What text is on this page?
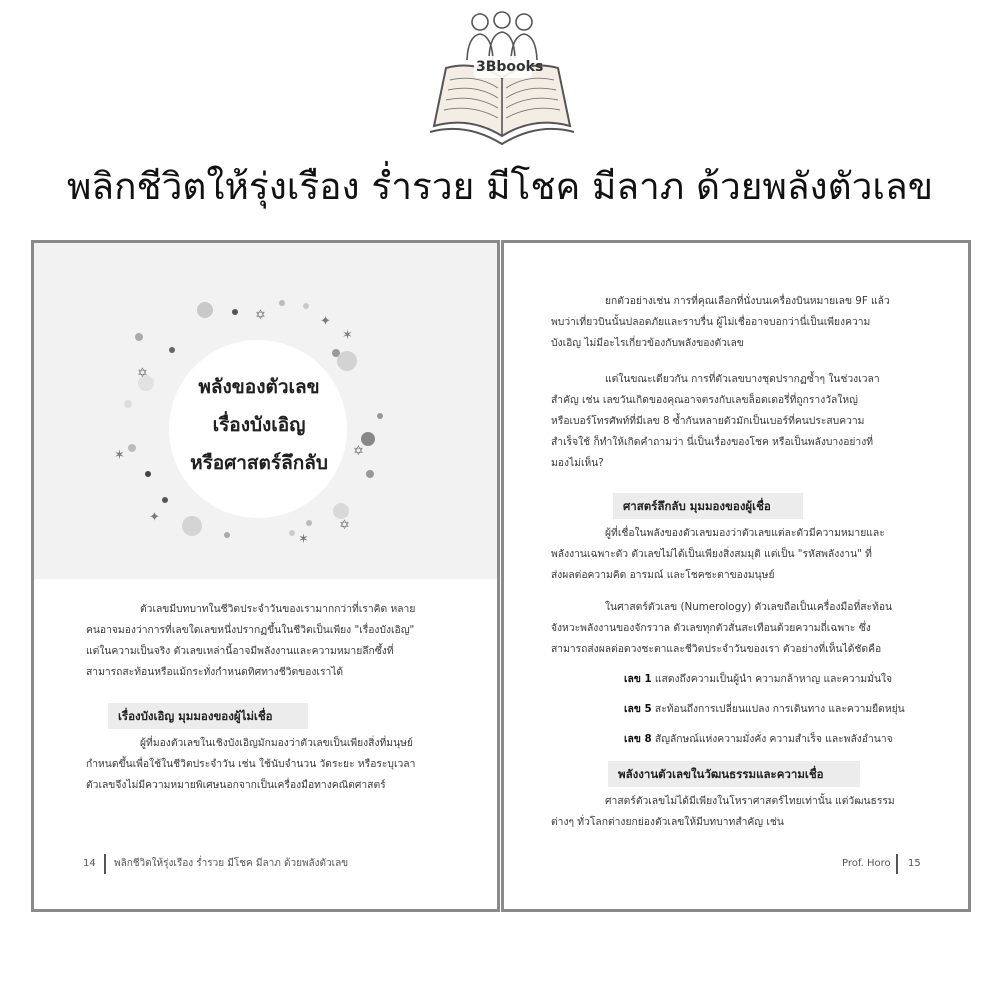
3Bbooks
พลิกชีวิตให้รุ่งเรือง ร่ำรวย มีโชค มีลาภ ด้วยพลังตัวเลข
✡	✦
✶
✡
✶	✡
✦
✡
✶
พลังของตัวเลข
เรื่องบังเอิญ
หรือศาสตร์ลึกลับ
ตัวเลขมีบทบาทในชีวิตประจำวันของเรามากกว่าที่เราคิด หลาย
คนอาจมองว่าการที่เลขใดเลขหนึ่งปรากฏขึ้นในชีวิตเป็นเพียง "เรื่องบังเอิญ"
แต่ในความเป็นจริง ตัวเลขเหล่านี้อาจมีพลังงานและความหมายลึกซึ้งที่
สามารถสะท้อนหรือแม้กระทั่งกำหนดทิศทางชีวิตของเราได้
เรื่องบังเอิญ มุมมองของผู้ไม่เชื่อ
ผู้ที่มองตัวเลขในเชิงบังเอิญมักมองว่าตัวเลขเป็นเพียงสิ่งที่มนุษย์
กำหนดขึ้นเพื่อใช้ในชีวิตประจำวัน เช่น ใช้นับจำนวน วัดระยะ หรือระบุเวลา
ตัวเลขจึงไม่มีความหมายพิเศษนอกจากเป็นเครื่องมือทางคณิตศาสตร์
14 พลิกชีวิตให้รุ่งเรือง ร่ำรวย มีโชค มีลาภ ด้วยพลังตัวเลข
ยกตัวอย่างเช่น การที่คุณเลือกที่นั่งบนเครื่องบินหมายเลข 9F แล้ว
พบว่าเที่ยวบินนั้นปลอดภัยและราบรื่น ผู้ไม่เชื่ออาจบอกว่านี่เป็นเพียงความ
บังเอิญ ไม่มีอะไรเกี่ยวข้องกับพลังของตัวเลข
แต่ในขณะเดียวกัน การที่ตัวเลขบางชุดปรากฏซ้ำๆ ในช่วงเวลา
สำคัญ เช่น เลขวันเกิดของคุณอาจตรงกับเลขล็อตเตอรี่ที่ถูกรางวัลใหญ่
หรือเบอร์โทรศัพท์ที่มีเลข 8 ซ้ำกันหลายตัวมักเป็นเบอร์ที่คนประสบความ
สำเร็จใช้ ก็ทำให้เกิดคำถามว่า นี่เป็นเรื่องของโชค หรือเป็นพลังบางอย่างที่
มองไม่เห็น?
ศาสตร์ลึกลับ มุมมองของผู้เชื่อ
ผู้ที่เชื่อในพลังของตัวเลขมองว่าตัวเลขแต่ละตัวมีความหมายและ
พลังงานเฉพาะตัว ตัวเลขไม่ได้เป็นเพียงสิ่งสมมุติ แต่เป็น "รหัสพลังงาน" ที่
ส่งผลต่อความคิด อารมณ์ และโชคชะตาของมนุษย์
ในศาสตร์ตัวเลข (Numerology) ตัวเลขถือเป็นเครื่องมือที่สะท้อน
จังหวะพลังงานของจักรวาล ตัวเลขทุกตัวสั่นสะเทือนด้วยความถี่เฉพาะ ซึ่ง
สามารถส่งผลต่อดวงชะตาและชีวิตประจำวันของเรา ตัวอย่างที่เห็นได้ชัดคือ
เลข 1 แสดงถึงความเป็นผู้นำ ความกล้าหาญ และความมั่นใจ
เลข 5 สะท้อนถึงการเปลี่ยนแปลง การเดินทาง และความยืดหยุ่น
เลข 8 สัญลักษณ์แห่งความมั่งคั่ง ความสำเร็จ และพลังอำนาจ
พลังงานตัวเลขในวัฒนธรรมและความเชื่อ
ศาสตร์ตัวเลขไม่ได้มีเพียงในโหราศาสตร์ไทยเท่านั้น แต่วัฒนธรรม
ต่างๆ ทั่วโลกต่างยกย่องตัวเลขให้มีบทบาทสำคัญ เช่น
Prof. Horo 15
